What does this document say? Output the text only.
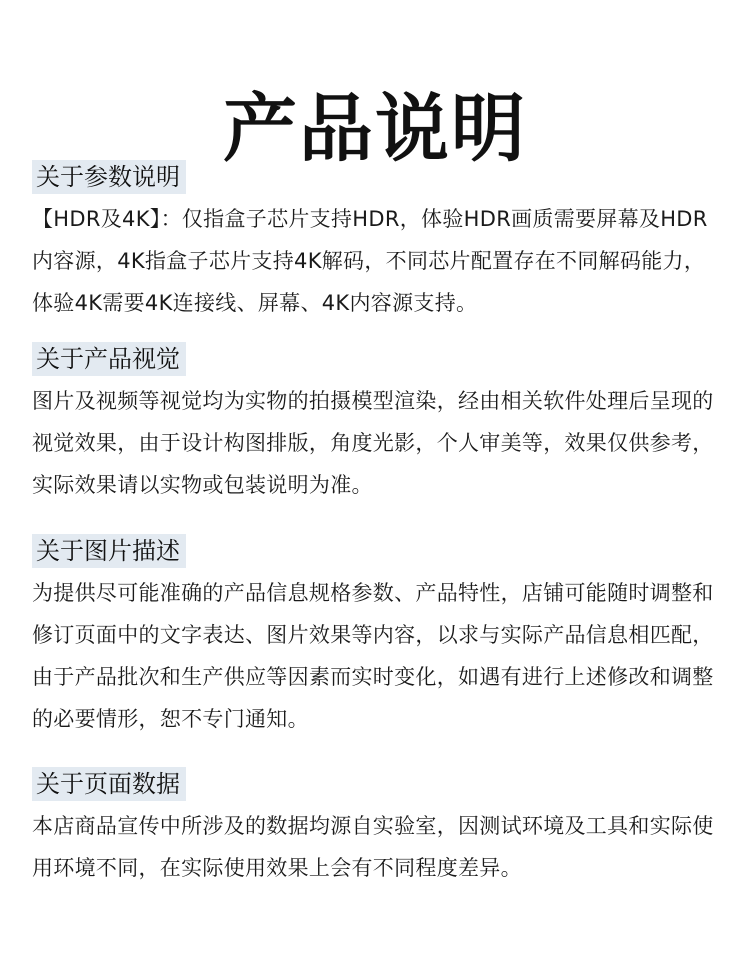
产品说明
关于参数说明

【HDR及4K】：仅指盒子芯片支持HDR，体验HDR画质需要屏幕及HDR内容源，4K指盒子芯片支持4K解码，不同芯片配置存在不同解码能力，体验4K需要4K连接线、屏幕、4K内容源支持。

关于产品视觉

图片及视频等视觉均为实物的拍摄模型渲染，经由相关软件处理后呈现的视觉效果，由于设计构图排版，角度光影，个人审美等，效果仅供参考，实际效果请以实物或包装说明为准。

关于图片描述

为提供尽可能准确的产品信息规格参数、产品特性，店铺可能随时调整和修订页面中的文字表达、图片效果等内容，以求与实际产品信息相匹配，由于产品批次和生产供应等因素而实时变化，如遇有进行上述修改和调整的必要情形，恕不专门通知。

关于页面数据

本店商品宣传中所涉及的数据均源自实验室，因测试环境及工具和实际使用环境不同，在实际使用效果上会有不同程度差异。
